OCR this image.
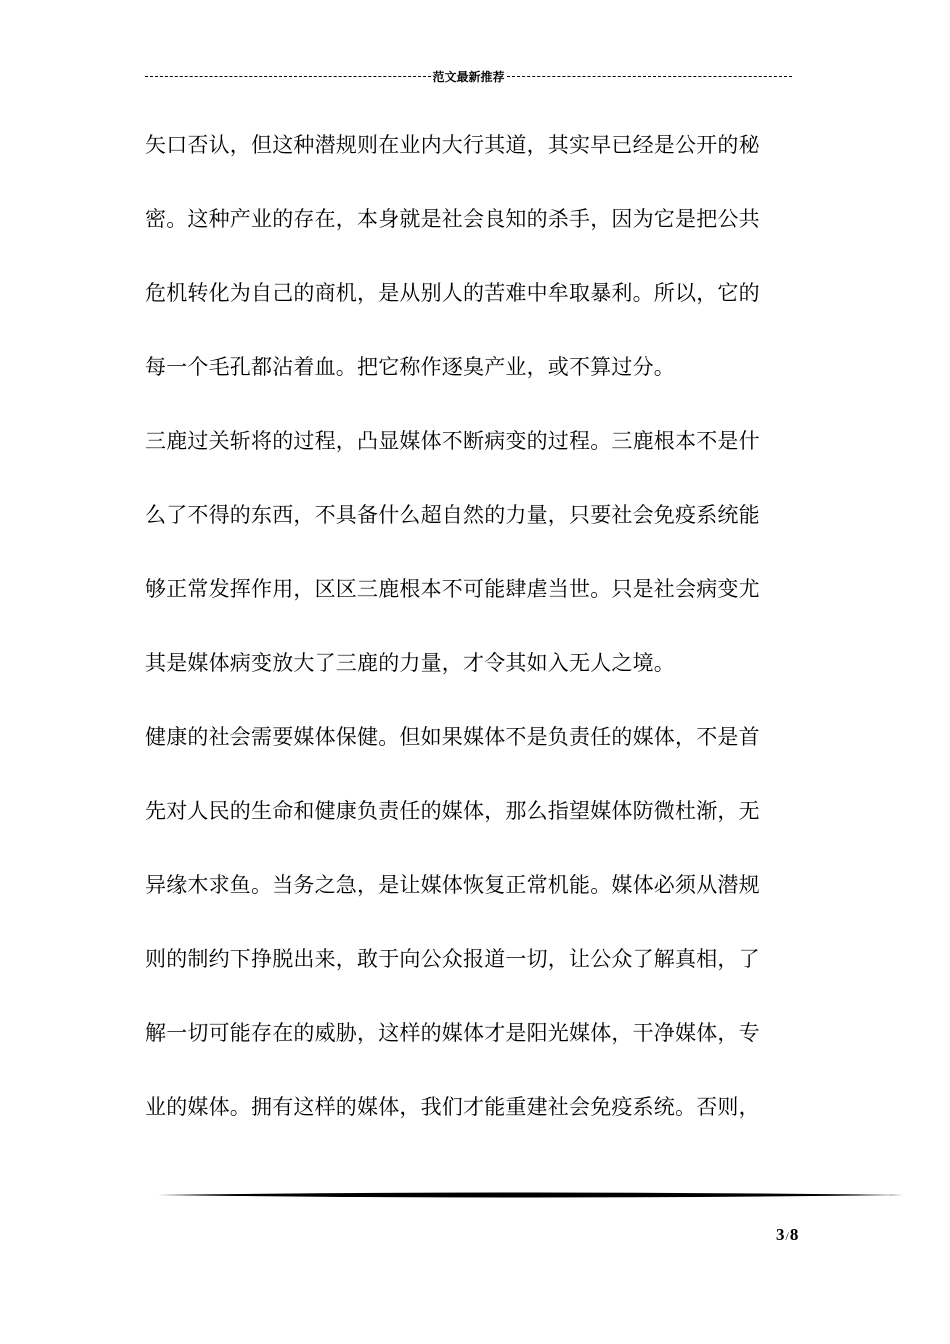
范文最新推荐
矢口否认，但这种潜规则在业内大行其道，其实早已经是公开的秘
密。这种产业的存在，本身就是社会良知的杀手，因为它是把公共
危机转化为自己的商机，是从别人的苦难中牟取暴利。所以，它的
每一个毛孔都沾着血。把它称作逐臭产业，或不算过分。
三鹿过关斩将的过程，凸显媒体不断病变的过程。三鹿根本不是什
么了不得的东西，不具备什么超自然的力量，只要社会免疫系统能
够正常发挥作用，区区三鹿根本不可能肆虐当世。只是社会病变尤
其是媒体病变放大了三鹿的力量，才令其如入无人之境。
健康的社会需要媒体保健。但如果媒体不是负责任的媒体，不是首
先对人民的生命和健康负责任的媒体，那么指望媒体防微杜渐，无
异缘木求鱼。当务之急，是让媒体恢复正常机能。媒体必须从潜规
则的制约下挣脱出来，敢于向公众报道一切，让公众了解真相，了
解一切可能存在的威胁，这样的媒体才是阳光媒体，干净媒体，专
业的媒体。拥有这样的媒体，我们才能重建社会免疫系统。否则，
3/8
